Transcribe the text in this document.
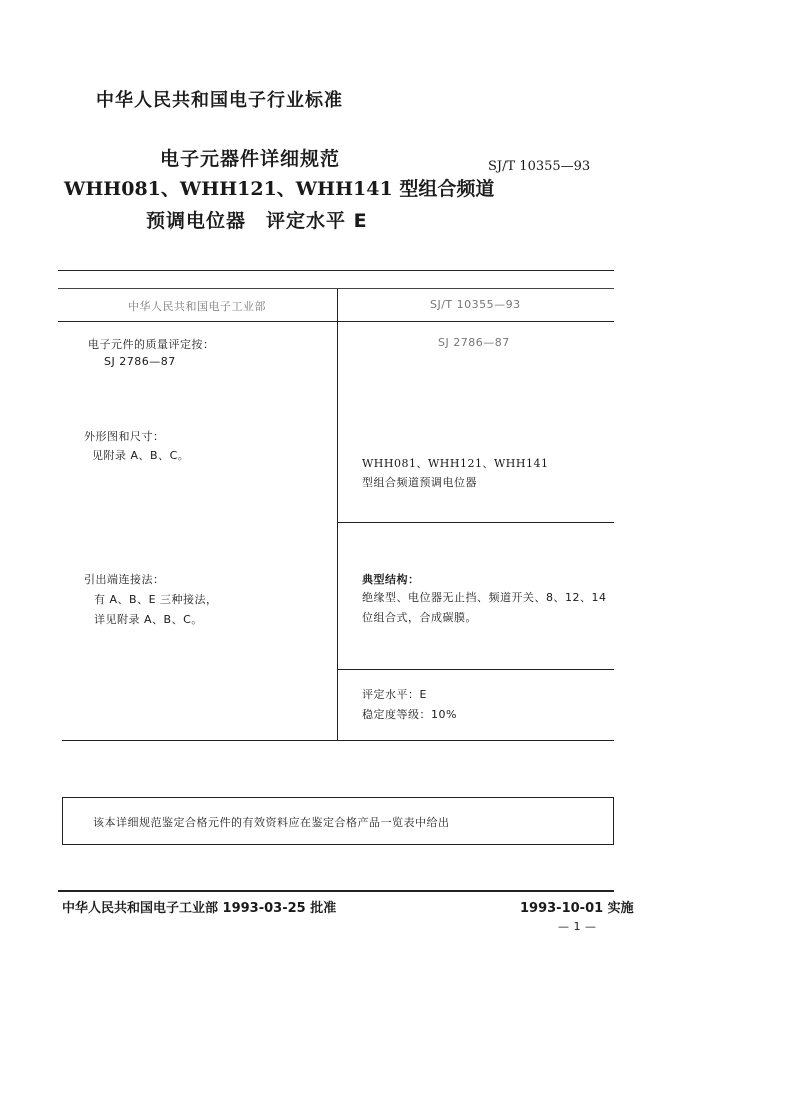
中华人民共和国电子行业标准
电子元器件详细规范
WHH081、WHH121、WHH141 型组合频道
预调电位器　评定水平 E
SJ/T 10355—93
中华人民共和国电子工业部	SJ/T 10355—93
电子元件的质量评定按：
SJ 2786—87
外形图和尺寸：
见附录 A、B、C。
引出端连接法：
有 A、B、E 三种接法，
详见附录 A、B、C。
SJ 2786—87
WHH081、WHH121、WHH141
型组合频道预调电位器
典型结构：
绝缘型、电位器无止挡、频道开关、8、12、14
位组合式，合成碳膜。
评定水平：E
稳定度等级：10%
该本详细规范鉴定合格元件的有效资料应在鉴定合格产品一览表中给出
中华人民共和国电子工业部 1993-03-25 批准	1993-10-01 实施
— 1 —
